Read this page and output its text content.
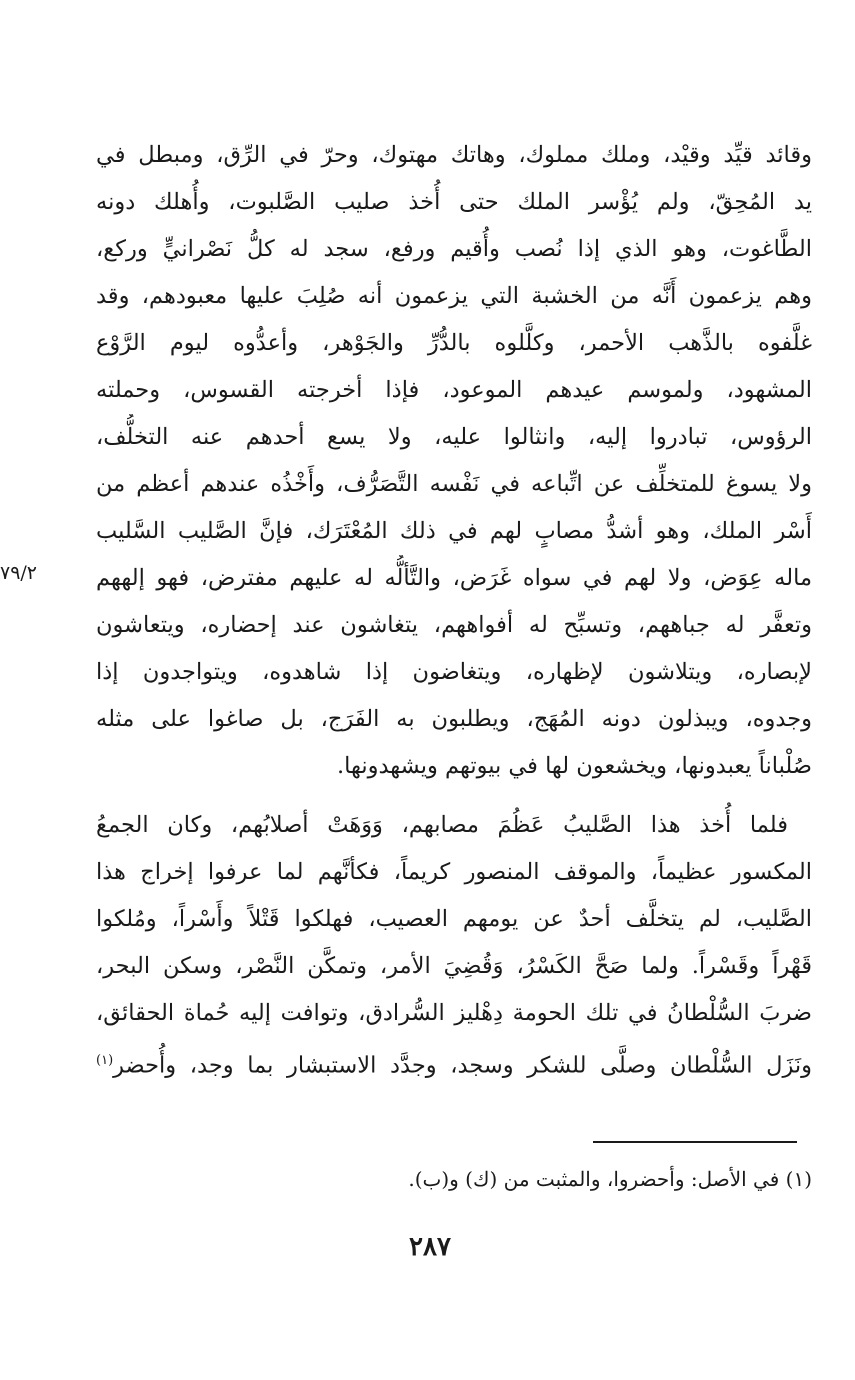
وقائد قيِّد وقيْد، وملك مملوك، وهاتك مهتوك، وحرّ في الرِّق، ومبطل في
يد المُحِقّ، ولم يُؤْسر الملك حتى أُخذ صليب الصَّلبوت، وأُهلك دونه
الطَّاغوت، وهو الذي إذا نُصب وأُقيم ورفع، سجد له كلُّ نَصْرانيٍّ وركع،
وهم يزعمون أَنَّه من الخشبة التي يزعمون أنه صُلِبَ عليها معبودهم، وقد
غلَّفوه بالذَّهب الأحمر، وكلَّلوه بالدُّرِّ والجَوْهر، وأعدُّوه ليوم الرَّوْع
المشهود، ولموسم عيدهم الموعود، فإذا أخرجته القسوس، وحملته
الرؤوس، تبادروا إليه، وانثالوا عليه، ولا يسع أحدهم عنه التخلُّف،
ولا يسوغ للمتخلِّف عن اتِّباعه في نَفْسه التَّصَرُّف، وأَخْذُه عندهم أعظم من
أَسْر الملك، وهو أشدُّ مصابٍ لهم في ذلك المُعْتَرَك، فإنَّ الصَّليب السَّليب
ماله عِوَض، ولا لهم في سواه غَرَض، والتَّألُّه له عليهم مفترض، فهو إلههم
وتعفَّر له جباههم، وتسبِّح له أفواههم، يتغاشون عند إحضاره، ويتعاشون
لإبصاره، ويتلاشون لإظهاره، ويتغاضون إذا شاهدوه، ويتواجدون إذا
وجدوه، ويبذلون دونه المُهَج، ويطلبون به الفَرَج، بل صاغوا على مثله
صُلْباناً يعبدونها، ويخشعون لها في بيوتهم ويشهدونها.
٧٩/٢
فلما أُخذ هذا الصَّليبُ عَظُمَ مصابهم، وَوَهَتْ أصلابُهم، وكان الجمعُ
المكسور عظيماً، والموقف المنصور كريماً، فكأنَّهم لما عرفوا إخراج هذا
الصَّليب، لم يتخلَّف أحدٌ عن يومهم العصيب، فهلكوا قَتْلاً وأَسْراً، ومُلكوا
قَهْراً وقَسْراً. ولما صَحَّ الكَسْرُ، وَقُضِيَ الأمر، وتمكَّن النَّصْر، وسكن البحر،
ضربَ السُّلْطانُ في تلك الحومة دِهْليز السُّرادق، وتوافت إليه حُماة الحقائق،
ونَزَل السُّلْطان وصلَّى للشكر وسجد، وجدَّد الاستبشار بما وجد، وأُحضر$^{(١)}$
(١) في الأصل: وأحضروا، والمثبت من (ك) و(ب).
٢٨٧
